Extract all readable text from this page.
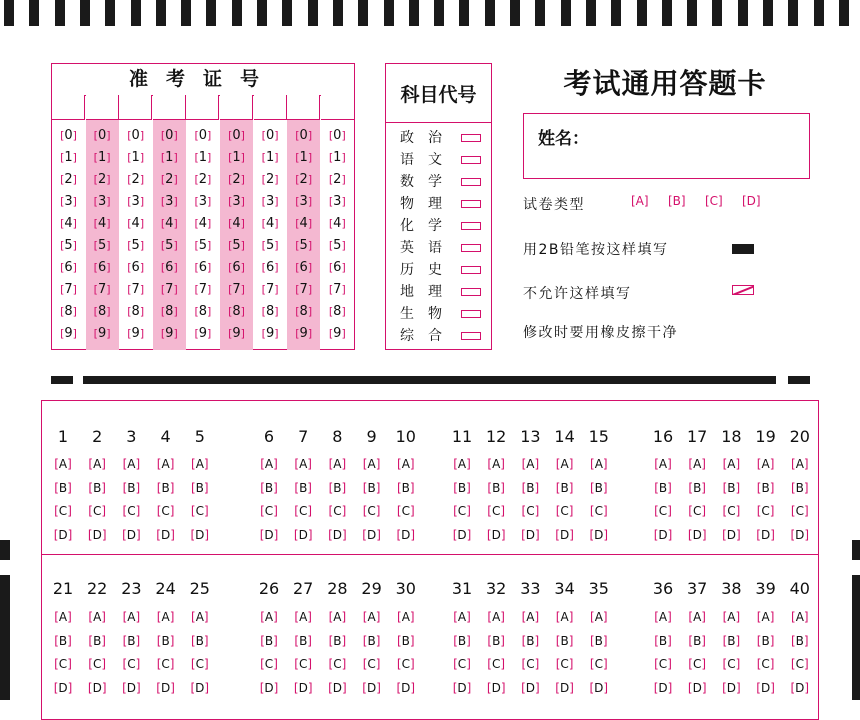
准考证号
[0]
[1]
[2]
[3]
[4]
[5]
[6]
[7]
[8]
[9]
[0]
[1]
[2]
[3]
[4]
[5]
[6]
[7]
[8]
[9]
[0]
[1]
[2]
[3]
[4]
[5]
[6]
[7]
[8]
[9]
[0]
[1]
[2]
[3]
[4]
[5]
[6]
[7]
[8]
[9]
[0]
[1]
[2]
[3]
[4]
[5]
[6]
[7]
[8]
[9]
[0]
[1]
[2]
[3]
[4]
[5]
[6]
[7]
[8]
[9]
[0]
[1]
[2]
[3]
[4]
[5]
[6]
[7]
[8]
[9]
[0]
[1]
[2]
[3]
[4]
[5]
[6]
[7]
[8]
[9]
[0]
[1]
[2]
[3]
[4]
[5]
[6]
[7]
[8]
[9]
科目代号
政治
语文
数学
物理
化学
英语
历史
地理
生物
综合
考试通用答题卡
姓名：
试卷类型	[A] [B] [C] [D]
用2B铅笔按这样填写
不允许这样填写
修改时要用橡皮擦干净
1
[A]
[B]
[C]
[D]
2
[A]
[B]
[C]
[D]
3
[A]
[B]
[C]
[D]
4
[A]
[B]
[C]
[D]
5
[A]
[B]
[C]
[D]
6
[A]
[B]
[C]
[D]
7
[A]
[B]
[C]
[D]
8
[A]
[B]
[C]
[D]
9
[A]
[B]
[C]
[D]
10
[A]
[B]
[C]
[D]
11
[A]
[B]
[C]
[D]
12
[A]
[B]
[C]
[D]
13
[A]
[B]
[C]
[D]
14
[A]
[B]
[C]
[D]
15
[A]
[B]
[C]
[D]
16
[A]
[B]
[C]
[D]
17
[A]
[B]
[C]
[D]
18
[A]
[B]
[C]
[D]
19
[A]
[B]
[C]
[D]
20
[A]
[B]
[C]
[D]
21
[A]
[B]
[C]
[D]
22
[A]
[B]
[C]
[D]
23
[A]
[B]
[C]
[D]
24
[A]
[B]
[C]
[D]
25
[A]
[B]
[C]
[D]
26
[A]
[B]
[C]
[D]
27
[A]
[B]
[C]
[D]
28
[A]
[B]
[C]
[D]
29
[A]
[B]
[C]
[D]
30
[A]
[B]
[C]
[D]
31
[A]
[B]
[C]
[D]
32
[A]
[B]
[C]
[D]
33
[A]
[B]
[C]
[D]
34
[A]
[B]
[C]
[D]
35
[A]
[B]
[C]
[D]
36
[A]
[B]
[C]
[D]
37
[A]
[B]
[C]
[D]
38
[A]
[B]
[C]
[D]
39
[A]
[B]
[C]
[D]
40
[A]
[B]
[C]
[D]
